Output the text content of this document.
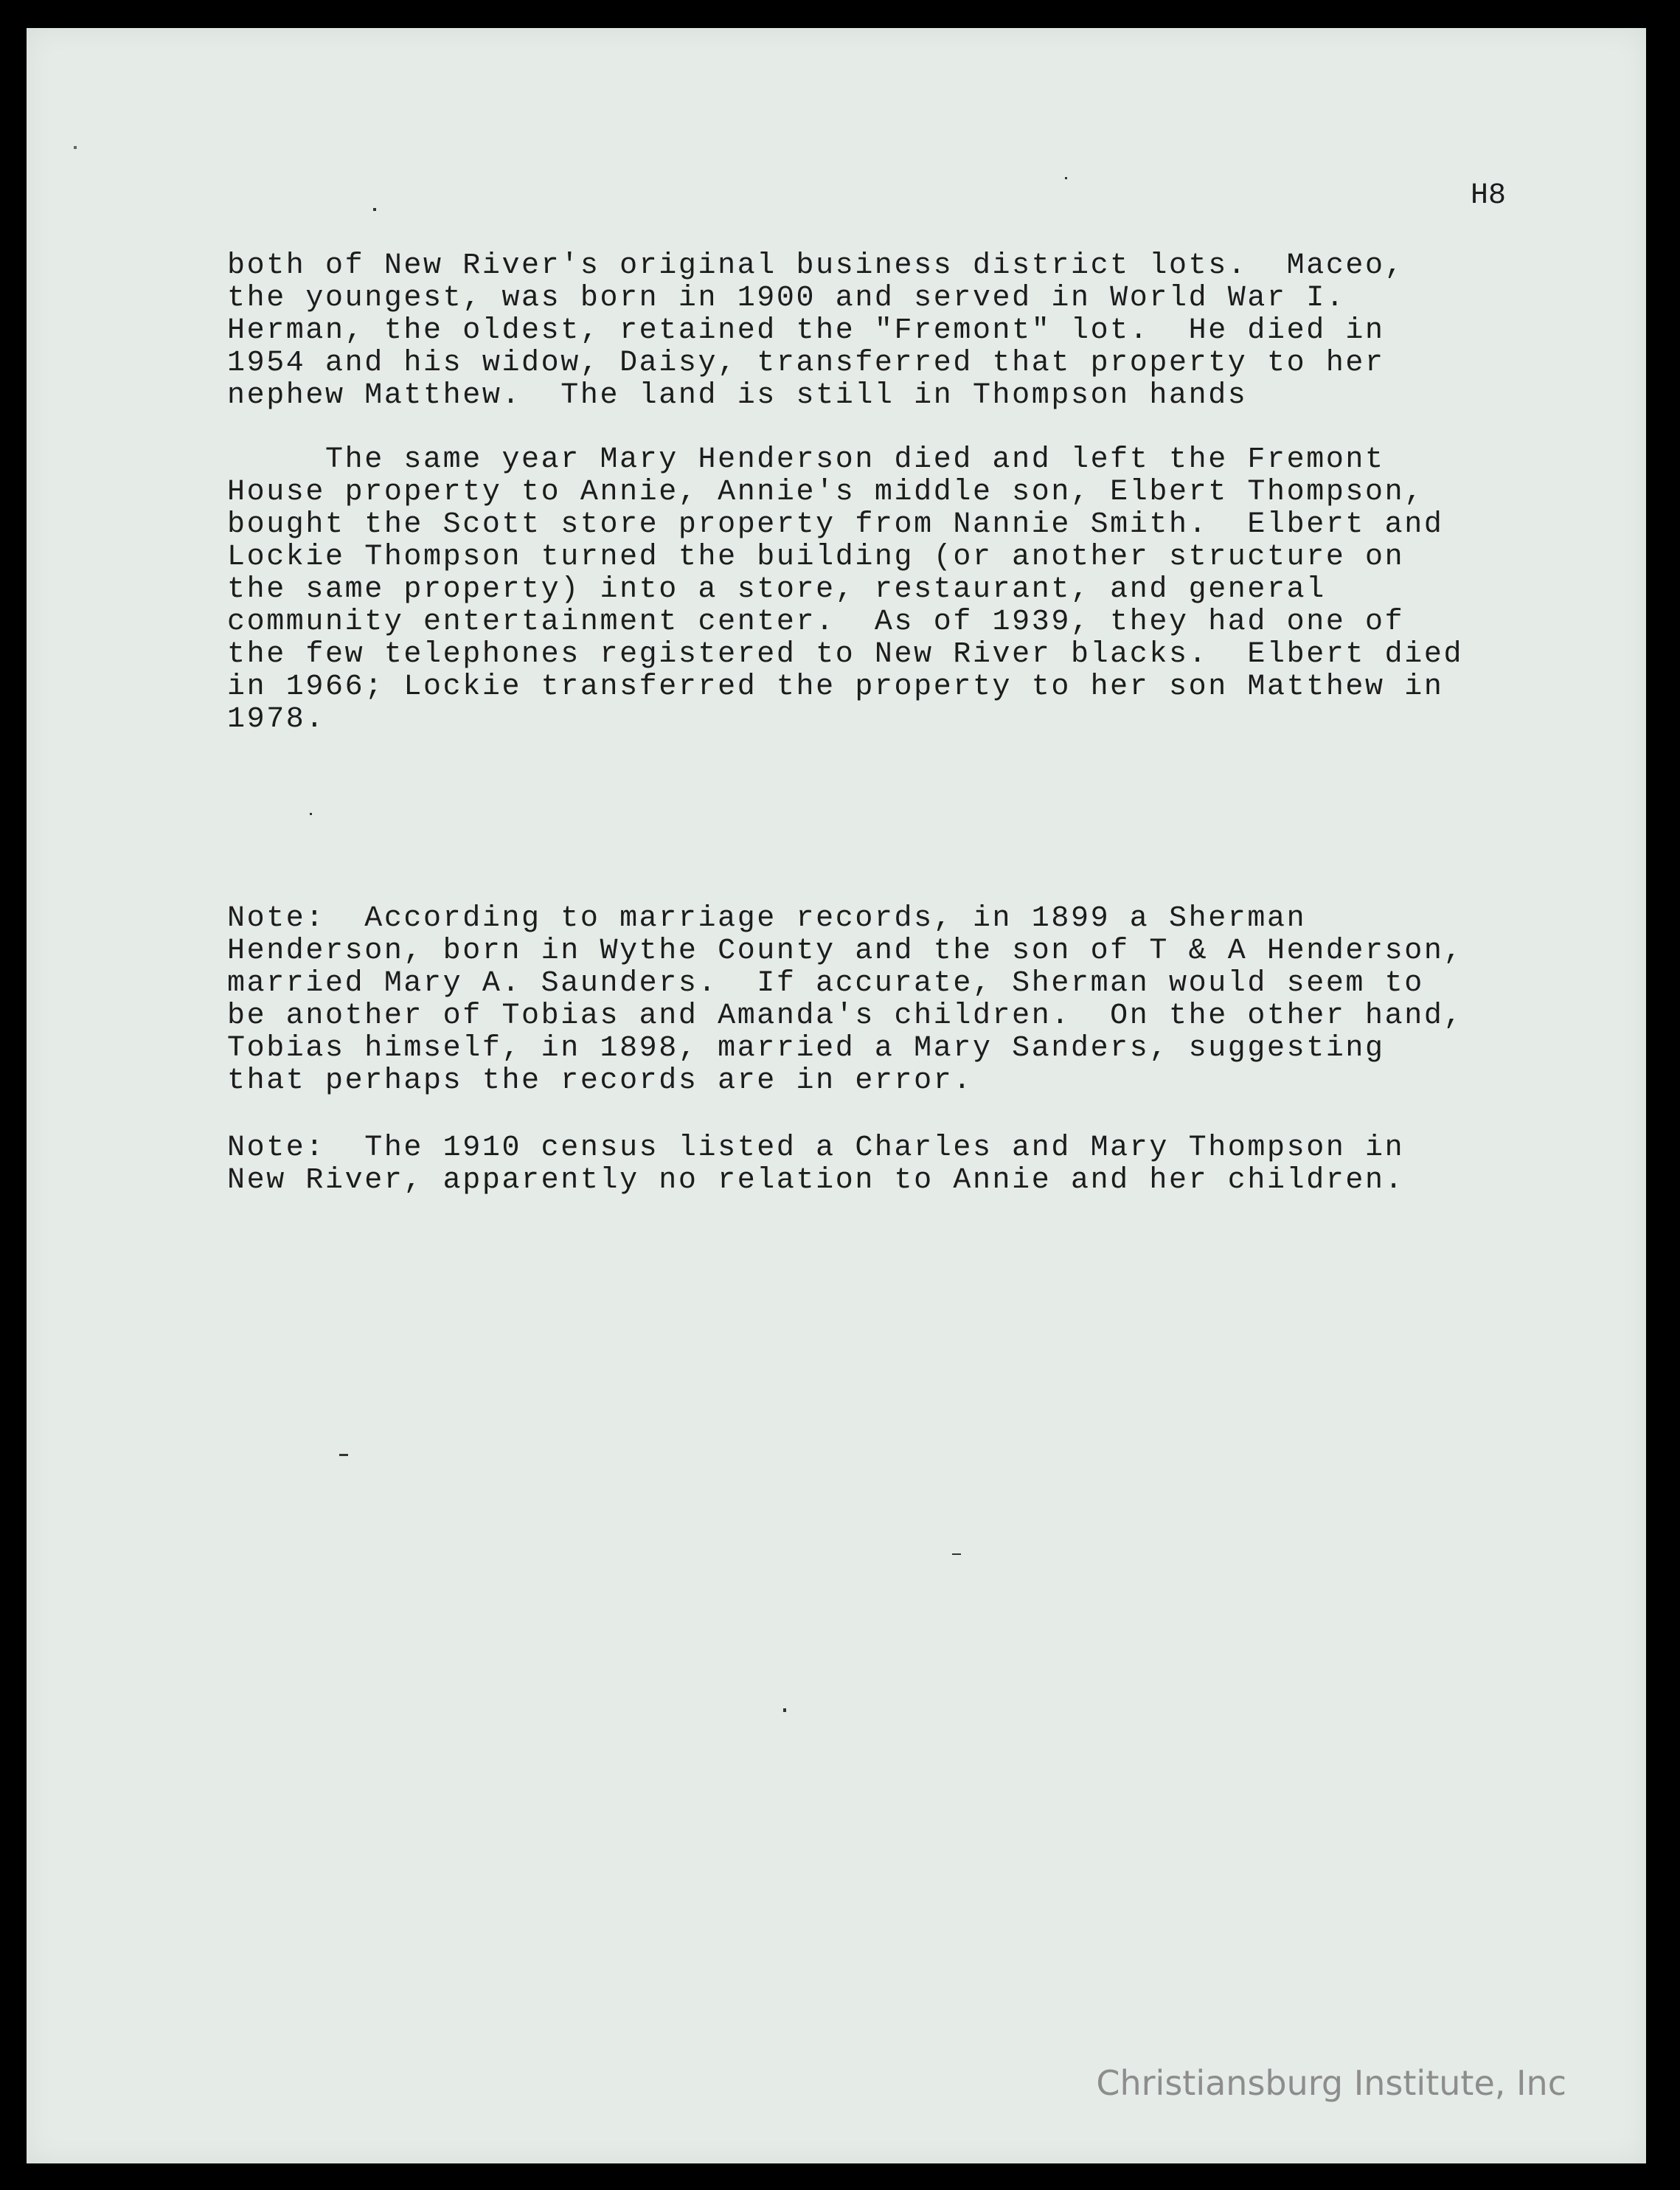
H8
both of New River's original business district lots.  Maceo,
the youngest, was born in 1900 and served in World War I.
Herman, the oldest, retained the "Fremont" lot.  He died in
1954 and his widow, Daisy, transferred that property to her
nephew Matthew.  The land is still in Thompson hands
The same year Mary Henderson died and left the Fremont
House property to Annie, Annie's middle son, Elbert Thompson,
bought the Scott store property from Nannie Smith.  Elbert and
Lockie Thompson turned the building (or another structure on
the same property) into a store, restaurant, and general
community entertainment center.  As of 1939, they had one of
the few telephones registered to New River blacks.  Elbert died
in 1966; Lockie transferred the property to her son Matthew in
1978.
Note:  According to marriage records, in 1899 a Sherman
Henderson, born in Wythe County and the son of T & A Henderson,
married Mary A. Saunders.  If accurate, Sherman would seem to
be another of Tobias and Amanda's children.  On the other hand,
Tobias himself, in 1898, married a Mary Sanders, suggesting
that perhaps the records are in error.
Note:  The 1910 census listed a Charles and Mary Thompson in
New River, apparently no relation to Annie and her children.
Christiansburg Institute, Inc
